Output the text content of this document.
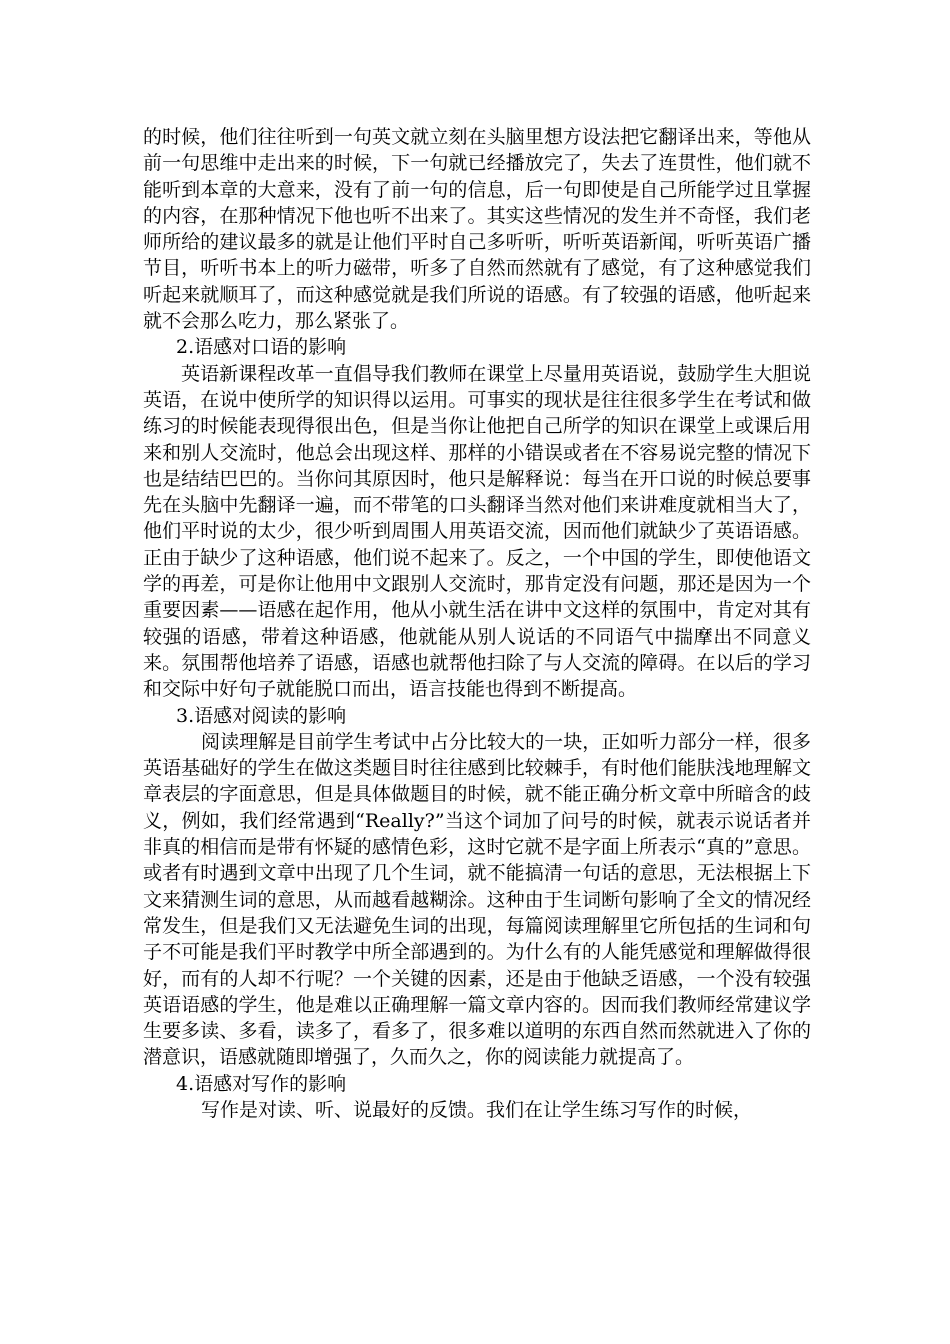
的时候，他们往往听到一句英文就立刻在头脑里想方设法把它翻译出来，等他从前一句思维中走出来的时候，下一句就已经播放完了，失去了连贯性，他们就不能听到本章的大意来，没有了前一句的信息，后一句即使是自己所能学过且掌握的内容，在那种情况下他也听不出来了。其实这些情况的发生并不奇怪，我们老师所给的建议最多的就是让他们平时自己多听听，听听英语新闻，听听英语广播节目，听听书本上的听力磁带，听多了自然而然就有了感觉，有了这种感觉我们听起来就顺耳了，而这种感觉就是我们所说的语感。有了较强的语感，他听起来就不会那么吃力，那么紧张了。

2.语感对口语的影响

英语新课程改革一直倡导我们教师在课堂上尽量用英语说，鼓励学生大胆说英语，在说中使所学的知识得以运用。可事实的现状是往往很多学生在考试和做练习的时候能表现得很出色，但是当你让他把自己所学的知识在课堂上或课后用来和别人交流时，他总会出现这样、那样的小错误或者在不容易说完整的情况下也是结结巴巴的。当你问其原因时，他只是解释说：每当在开口说的时候总要事先在头脑中先翻译一遍，而不带笔的口头翻译当然对他们来讲难度就相当大了，他们平时说的太少，很少听到周围人用英语交流，因而他们就缺少了英语语感。正由于缺少了这种语感，他们说不起来了。反之，一个中国的学生，即使他语文学的再差，可是你让他用中文跟别人交流时，那肯定没有问题，那还是因为一个重要因素——语感在起作用，他从小就生活在讲中文这样的氛围中，肯定对其有较强的语感，带着这种语感，他就能从别人说话的不同语气中揣摩出不同意义来。氛围帮他培养了语感，语感也就帮他扫除了与人交流的障碍。在以后的学习和交际中好句子就能脱口而出，语言技能也得到不断提高。

3.语感对阅读的影响

阅读理解是目前学生考试中占分比较大的一块，正如听力部分一样，很多英语基础好的学生在做这类题目时往往感到比较棘手，有时他们能肤浅地理解文章表层的字面意思，但是具体做题目的时候，就不能正确分析文章中所暗含的歧义，例如，我们经常遇到“Really?”当这个词加了问号的时候，就表示说话者并非真的相信而是带有怀疑的感情色彩，这时它就不是字面上所表示“真的”意思。或者有时遇到文章中出现了几个生词，就不能搞清一句话的意思，无法根据上下文来猜测生词的意思，从而越看越糊涂。这种由于生词断句影响了全文的情况经常发生，但是我们又无法避免生词的出现，每篇阅读理解里它所包括的生词和句子不可能是我们平时教学中所全部遇到的。为什么有的人能凭感觉和理解做得很好，而有的人却不行呢？一个关键的因素，还是由于他缺乏语感，一个没有较强英语语感的学生，他是难以正确理解一篇文章内容的。因而我们教师经常建议学生要多读、多看，读多了，看多了，很多难以道明的东西自然而然就进入了你的潜意识，语感就随即增强了，久而久之，你的阅读能力就提高了。

4.语感对写作的影响

写作是对读、听、说最好的反馈。我们在让学生练习写作的时候，
